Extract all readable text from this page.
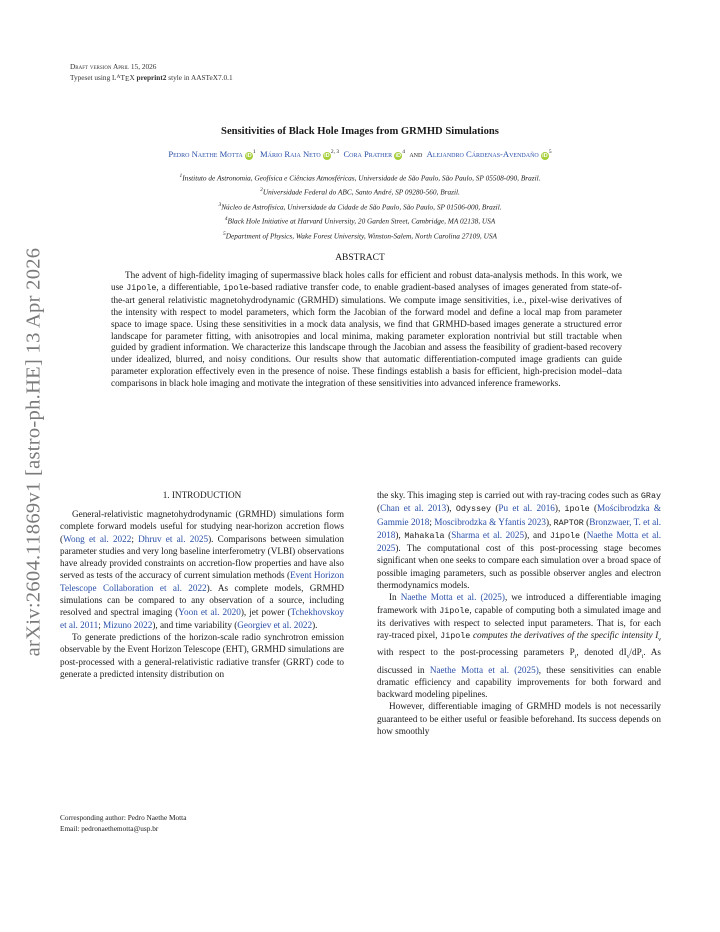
Draft version April 15, 2026
Typeset using $L^ATEX$ preprint2 style in AASTeX7.0.1
arXiv:2604.11869v1 [astro-ph.HE] 13 Apr 2026
Sensitivities of Black Hole Images from GRMHD Simulations
Pedro Naethe Motta $iD^1$ Mário Raia Neto iD$^{2, 3}$ Cora Prather $iD^4$ and Alejandro Cárdenas-Avendaño $iD^5$
$^1$Instituto de Astronomia, Geofísica e Ciências Atmosféricas, Universidade de São Paulo, São Paulo, SP 05508-090, Brazil.
$^2$Universidade Federal do ABC, Santo André, SP 09280-560, Brazil.
$^3$Núcleo de Astrofísica, Universidade da Cidade de São Paulo, São Paulo, SP 01506-000, Brazil.
$^4$Black Hole Initiative at Harvard University, 20 Garden Street, Cambridge, MA 02138, USA
$^5$Department of Physics, Wake Forest University, Winston-Salem, North Carolina 27109, USA
ABSTRACT
The advent of high-fidelity imaging of supermassive black holes calls for efficient and robust data-analysis methods. In this work, we use Jipole, a differentiable, ipole-based radiative transfer code, to enable gradient-based analyses of images generated from state-of-the-art general relativistic magnetohydrodynamic (GRMHD) simulations. We compute image sensitivities, i.e., pixel-wise derivatives of the intensity with respect to model parameters, which form the Jacobian of the forward model and define a local map from parameter space to image space. Using these sensitivities in a mock data analysis, we find that GRMHD-based images generate a structured error landscape for parameter fitting, with anisotropies and local minima, making parameter exploration nontrivial but still tractable when guided by gradient information. We characterize this landscape through the Jacobian and assess the feasibility of gradient-based recovery under idealized, blurred, and noisy conditions. Our results show that automatic differentiation-computed image gradients can guide parameter exploration effectively even in the presence of noise. These findings establish a basis for efficient, high-precision model–data comparisons in black hole imaging and motivate the integration of these sensitivities into advanced inference frameworks.
1. INTRODUCTION

General-relativistic magnetohydrodynamic (GRMHD) simulations form complete forward models useful for studying near-horizon accretion flows (Wong et al. 2022; Dhruv et al. 2025). Comparisons between simulation parameter studies and very long baseline interferometry (VLBI) observations have already provided constraints on accretion-flow properties and have also served as tests of the accuracy of current simulation methods (Event Horizon Telescope Collaboration et al. 2022). As complete models, GRMHD simulations can be compared to any observation of a source, including resolved and spectral imaging (Yoon et al. 2020), jet power (Tchekhovskoy et al. 2011; Mizuno 2022), and time variability (Georgiev et al. 2022).

To generate predictions of the horizon-scale radio synchrotron emission observable by the Event Horizon Telescope (EHT), GRMHD simulations are post-processed with a general-relativistic radiative transfer (GRRT) code to generate a predicted intensity distribution on

the sky. This imaging step is carried out with ray-tracing codes such as GRay (Chan et al. 2013), Odyssey (Pu et al. 2016), ipole (Mościbrodzka & Gammie 2018; Moscibrodzka & Yfantis 2023), RAPTOR (Bronzwaer, T. et al. 2018), Mahakala (Sharma et al. 2025), and Jipole (Naethe Motta et al. 2025). The computational cost of this post-processing stage becomes significant when one seeks to compare each simulation over a broad space of possible imaging parameters, such as possible observer angles and electron thermodynamics models.

In Naethe Motta et al. (2025), we introduced a differentiable imaging framework with Jipole, capable of computing both a simulated image and its derivatives with respect to selected input parameters. That is, for each ray-traced pixel, Jipole computes the derivatives of the specific intensity $I_\nu$ with respect to the post-processing parameters $P_i$, denoted $dI_\nu/dP_i$. As discussed in Naethe Motta et al. (2025), these sensitivities can enable dramatic efficiency and capability improvements for both forward and backward modeling pipelines.

However, differentiable imaging of GRMHD models is not necessarily guaranteed to be either useful or feasible beforehand. Its success depends on how smoothly

Corresponding author: Pedro Naethe Motta
Email: pedronaethemotta@usp.br
